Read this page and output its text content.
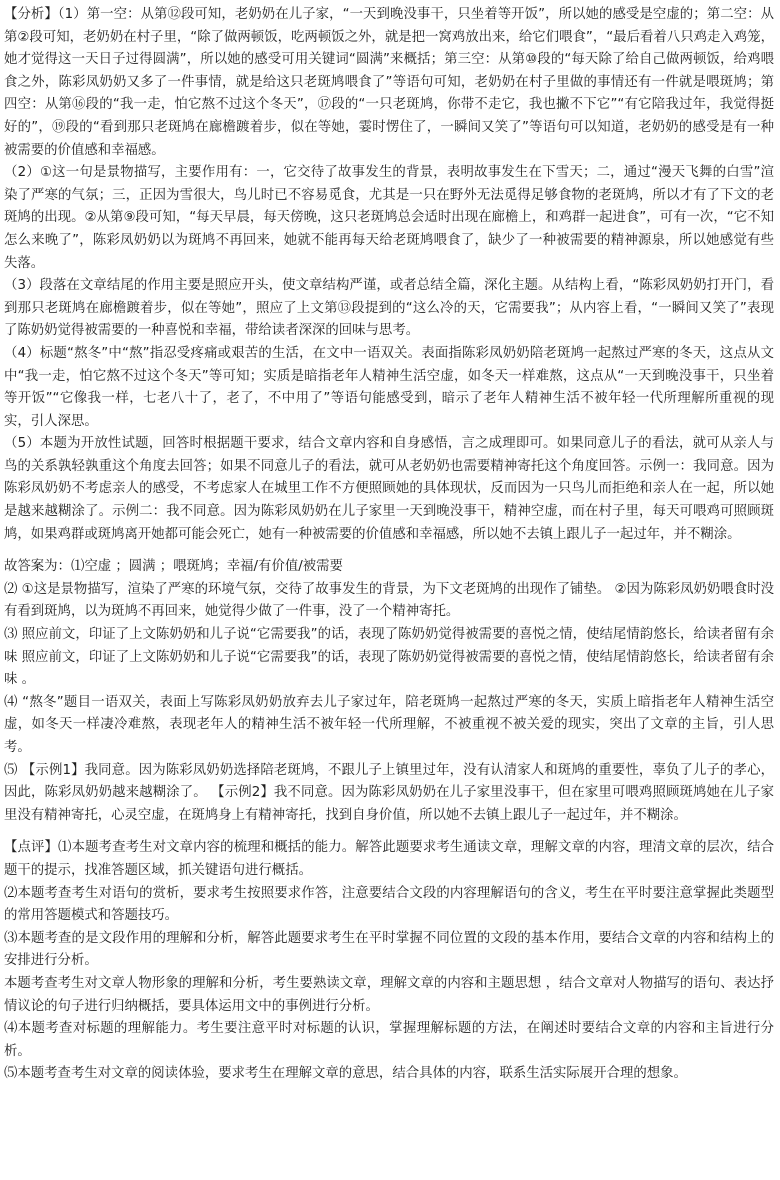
【分析】（1）第一空：从第⑫段可知，老奶奶在儿子家，“一天到晚没事干，只坐着等开饭”，所以她的感受是空虚的；第二空：从第②段可知，老奶奶在村子里，“除了做两顿饭，吃两顿饭之外，就是把一窝鸡放出来，给它们喂食”，“最后看着八只鸡走入鸡笼，她才觉得这一天日子过得圆满”，所以她的感受可用关键词“圆满”来概括；第三空：从第⑩段的“每天除了给自己做两顿饭，给鸡喂食之外，陈彩凤奶奶又多了一件事情，就是给这只老斑鸠喂食了”等语句可知，老奶奶在村子里做的事情还有一件就是喂斑鸠；第四空：从第⑯段的“我一走，怕它熬不过这个冬天”，⑰段的“一只老斑鸠，你带不走它，我也撇不下它”“有它陪我过年，我觉得挺好的”，⑲段的“看到那只老斑鸠在廊檐踱着步，似在等她，霎时愣住了，一瞬间又笑了”等语句可以知道，老奶奶的感受是有一种被需要的价值感和幸福感。

（2）①这一句是景物描写，主要作用有：一，它交待了故事发生的背景，表明故事发生在下雪天；二，通过“漫天飞舞的白雪”渲染了严寒的气氛；三，正因为雪很大，鸟儿时已不容易觅食，尤其是一只在野外无法觅得足够食物的老斑鸠，所以才有了下文的老斑鸠的出现。②从第⑨段可知，“每天早晨，每天傍晚，这只老斑鸠总会适时出现在廊檐上，和鸡群一起进食”，可有一次，“它不知怎么来晚了”，陈彩凤奶奶以为斑鸠不再回来，她就不能再每天给老斑鸠喂食了，缺少了一种被需要的精神源泉，所以她感觉有些失落。

（3）段落在文章结尾的作用主要是照应开头，使文章结构严谨，或者总结全篇，深化主题。从结构上看，“陈彩凤奶奶打开门，看到那只老斑鸠在廊檐踱着步，似在等她”，照应了上文第⑬段提到的“这么冷的天，它需要我”；从内容上看，“一瞬间又笑了”表现了陈奶奶觉得被需要的一种喜悦和幸福，带给读者深深的回味与思考。

（4）标题“熬冬”中“熬”指忍受疼痛或艰苦的生活，在文中一语双关。表面指陈彩凤奶奶陪老斑鸠一起熬过严寒的冬天，这点从文中“我一走，怕它熬不过这个冬天”等可知；实质是暗指老年人精神生活空虚，如冬天一样难熬，这点从“一天到晚没事干，只坐着等开饭”“它像我一样，七老八十了，老了，不中用了”等语句能感受到，暗示了老年人精神生活不被年轻一代所理解所重视的现实，引人深思。

（5）本题为开放性试题，回答时根据题干要求，结合文章内容和自身感悟，言之成理即可。如果同意儿子的看法，就可从亲人与鸟的关系孰轻孰重这个角度去回答；如果不同意儿子的看法，就可从老奶奶也需要精神寄托这个角度回答。示例一：我同意。因为陈彩凤奶奶不考虑亲人的感受，不考虑家人在城里工作不方便照顾她的具体现状，反而因为一只鸟儿而拒绝和亲人在一起，所以她是越来越糊涂了。示例二：我不同意。因为陈彩凤奶奶在儿子家里一天到晚没事干，精神空虚，而在村子里，每天可喂鸡可照顾斑鸠，如果鸡群或斑鸠离开她都可能会死亡，她有一种被需要的价值感和幸福感，所以她不去镇上跟儿子一起过年，并不糊涂。

故答案为：⑴空虚 ；圆满 ；喂斑鸠；幸福/有价值/被需要

⑵ ①这是景物描写，渲染了严寒的环境气氛，交待了故事发生的背景，为下文老斑鸠的出现作了铺垫。 ②因为陈彩凤奶奶喂食时没有看到斑鸠，以为斑鸠不再回来，她觉得少做了一件事，没了一个精神寄托。

⑶ 照应前文，印证了上文陈奶奶和儿子说“它需要我”的话，表现了陈奶奶觉得被需要的喜悦之情，使结尾情韵悠长，给读者留有余味 照应前文，印证了上文陈奶奶和儿子说“它需要我”的话，表现了陈奶奶觉得被需要的喜悦之情，使结尾情韵悠长，给读者留有余味 。

⑷ “熬冬”题目一语双关，表面上写陈彩凤奶奶放弃去儿子家过年，陪老斑鸠一起熬过严寒的冬天，实质上暗指老年人精神生活空虚，如冬天一样凄冷难熬，表现老年人的精神生活不被年轻一代所理解，不被重视不被关爱的现实，突出了文章的主旨，引人思考。

⑸ 【示例1】我同意。因为陈彩凤奶奶选择陪老斑鸠，不跟儿子上镇里过年，没有认清家人和斑鸠的重要性，辜负了儿子的孝心，因此，陈彩凤奶奶越来越糊涂了。 【示例2】我不同意。因为陈彩凤奶奶在儿子家里没事干，但在家里可喂鸡照顾斑鸠她在儿子家里没有精神寄托，心灵空虚，在斑鸠身上有精神寄托，找到自身价值，所以她不去镇上跟儿子一起过年，并不糊涂。

【点评】⑴本题考查考生对文章内容的梳理和概括的能力。解答此题要求考生通读文章，理解文章的内容，理清文章的层次，结合题干的提示，找准答题区域，抓关键语句进行概括。

⑵本题考查考生对语句的赏析，要求考生按照要求作答，注意要结合文段的内容理解语句的含义，考生在平时要注意掌握此类题型的常用答题模式和答题技巧。

⑶本题考查的是文段作用的理解和分析，解答此题要求考生在平时掌握不同位置的文段的基本作用，要结合文章的内容和结构上的安排进行分析。

本题考查考生对文章人物形象的理解和分析，考生要熟读文章，理解文章的内容和主题思想 ，结合文章对人物描写的语句、表达抒情议论的句子进行归纳概括，要具体运用文中的事例进行分析。

⑷本题考查对标题的理解能力。考生要注意平时对标题的认识，掌握理解标题的方法，在阐述时要结合文章的内容和主旨进行分析。

⑸本题考查考生对文章的阅读体验，要求考生在理解文章的意思，结合具体的内容，联系生活实际展开合理的想象。
